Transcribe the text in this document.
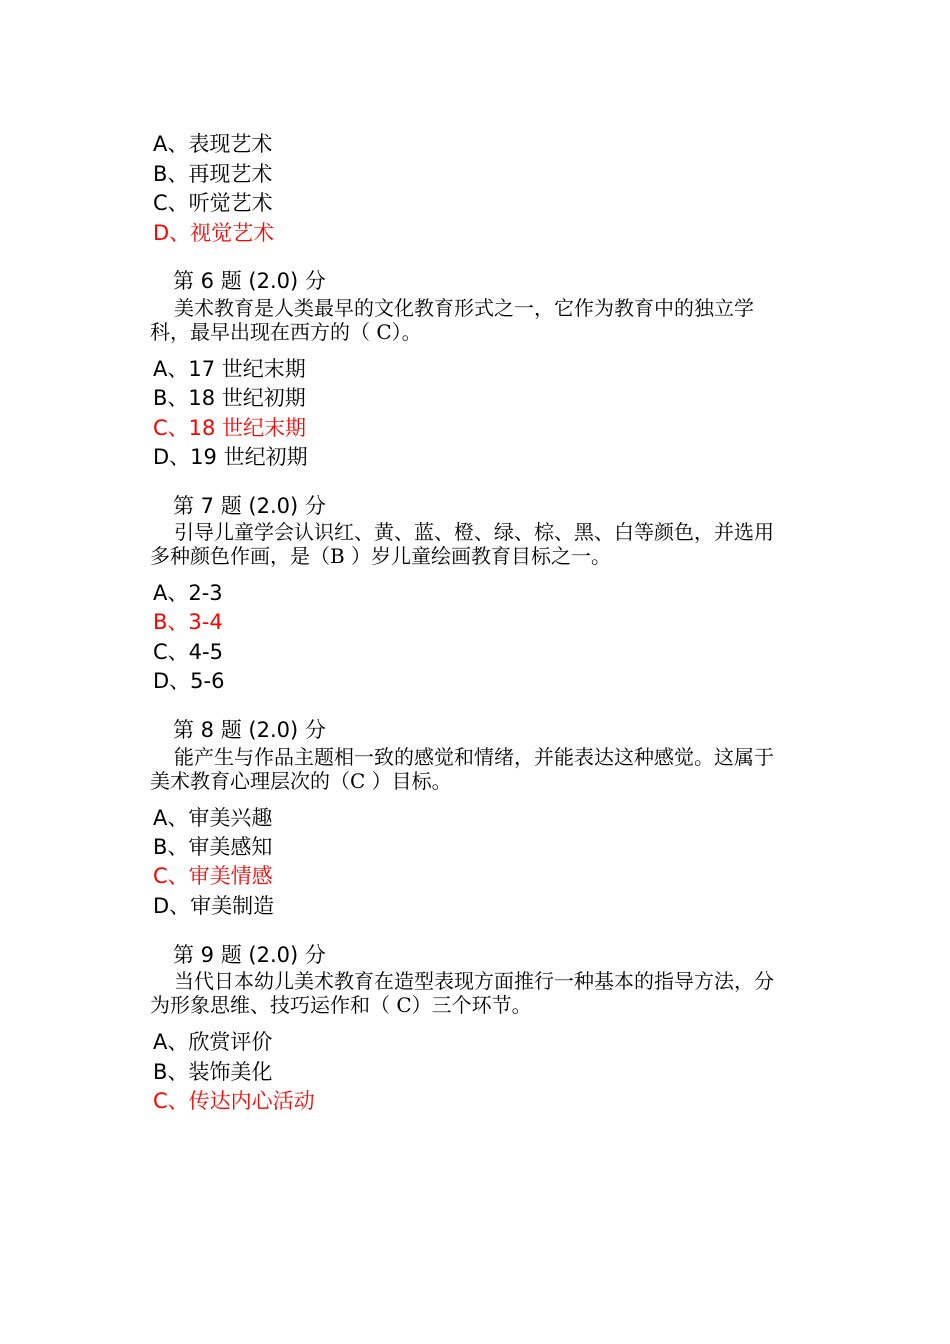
A、表现艺术
B、再现艺术
C、听觉艺术
D、视觉艺术
第 6 题 (2.0) 分
美术教育是人类最早的文化教育形式之一，它作为教育中的独立学科，最早出现在西方的（ C）。
A、17 世纪末期
B、18 世纪初期
C、18 世纪末期
D、19 世纪初期
第 7 题 (2.0) 分
引导儿童学会认识红、黄、蓝、橙、绿、棕、黑、白等颜色，并选用多种颜色作画，是（B ）岁儿童绘画教育目标之一。
A、2-3
B、3-4
C、4-5
D、5-6
第 8 题 (2.0) 分
能产生与作品主题相一致的感觉和情绪，并能表达这种感觉。这属于美术教育心理层次的（C ）目标。
A、审美兴趣
B、审美感知
C、审美情感
D、审美制造
第 9 题 (2.0) 分
当代日本幼儿美术教育在造型表现方面推行一种基本的指导方法，分为形象思维、技巧运作和（ C）三个环节。
A、欣赏评价
B、装饰美化
C、传达内心活动
